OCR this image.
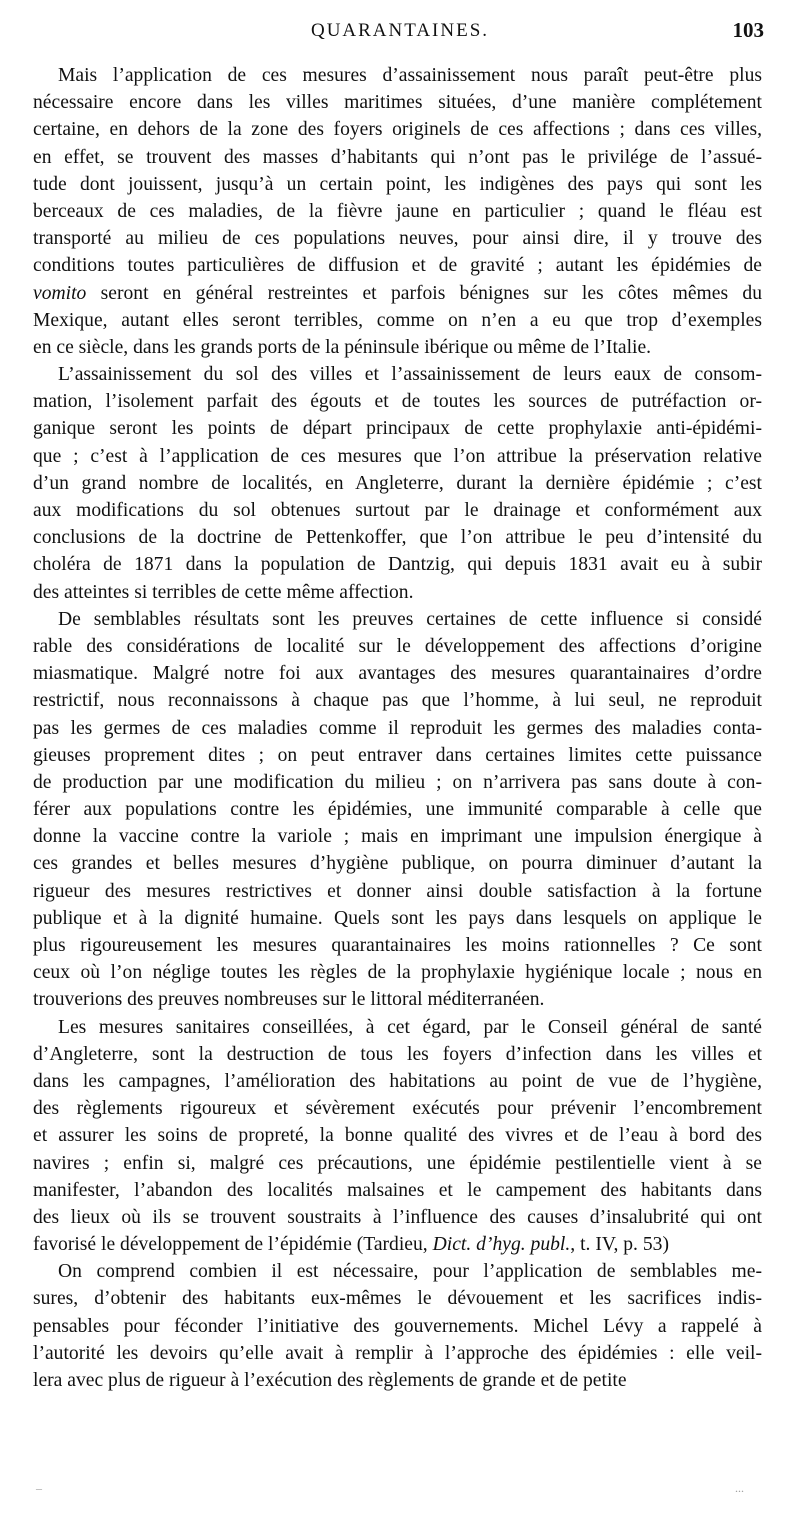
QUARANTAINES.	103
Mais l’application de ces mesures d’assainissement nous paraît peut-être plus
nécessaire encore dans les villes maritimes situées, d’une manière complétement
certaine, en dehors de la zone des foyers originels de ces affections ; dans ces villes,
en effet, se trouvent des masses d’habitants qui n’ont pas le privilége de l’assué-
tude dont jouissent, jusqu’à un certain point, les indigènes des pays qui sont les
berceaux de ces maladies, de la fièvre jaune en particulier ; quand le fléau est
transporté au milieu de ces populations neuves, pour ainsi dire, il y trouve des
conditions toutes particulières de diffusion et de gravité ; autant les épidémies de
vomito seront en général restreintes et parfois bénignes sur les côtes mêmes du
Mexique, autant elles seront terribles, comme on n’en a eu que trop d’exemples
en ce siècle, dans les grands ports de la péninsule ibérique ou même de l’Italie.
L’assainissement du sol des villes et l’assainissement de leurs eaux de consom-
mation, l’isolement parfait des égouts et de toutes les sources de putréfaction or-
ganique seront les points de départ principaux de cette prophylaxie anti-épidémi-
que ; c’est à l’application de ces mesures que l’on attribue la préservation relative
d’un grand nombre de localités, en Angleterre, durant la dernière épidémie ; c’est
aux modifications du sol obtenues surtout par le drainage et conformément aux
conclusions de la doctrine de Pettenkoffer, que l’on attribue le peu d’intensité du
choléra de 1871 dans la population de Dantzig, qui depuis 1831 avait eu à subir
des atteintes si terribles de cette même affection.
De semblables résultats sont les preuves certaines de cette influence si considé
rable des considérations de localité sur le développement des affections d’origine
miasmatique. Malgré notre foi aux avantages des mesures quarantainaires d’ordre
restrictif, nous reconnaissons à chaque pas que l’homme, à lui seul, ne reproduit
pas les germes de ces maladies comme il reproduit les germes des maladies conta-
gieuses proprement dites ; on peut entraver dans certaines limites cette puissance
de production par une modification du milieu ; on n’arrivera pas sans doute à con-
férer aux populations contre les épidémies, une immunité comparable à celle que
donne la vaccine contre la variole ; mais en imprimant une impulsion énergique à
ces grandes et belles mesures d’hygiène publique, on pourra diminuer d’autant la
rigueur des mesures restrictives et donner ainsi double satisfaction à la fortune
publique et à la dignité humaine. Quels sont les pays dans lesquels on applique le
plus rigoureusement les mesures quarantainaires les moins rationnelles ? Ce sont
ceux où l’on néglige toutes les règles de la prophylaxie hygiénique locale ; nous en
trouverions des preuves nombreuses sur le littoral méditerranéen.
Les mesures sanitaires conseillées, à cet égard, par le Conseil général de santé
d’Angleterre, sont la destruction de tous les foyers d’infection dans les villes et
dans les campagnes, l’amélioration des habitations au point de vue de l’hygiène,
des règlements rigoureux et sévèrement exécutés pour prévenir l’encombrement
et assurer les soins de propreté, la bonne qualité des vivres et de l’eau à bord des
navires ; enfin si, malgré ces précautions, une épidémie pestilentielle vient à se
manifester, l’abandon des localités malsaines et le campement des habitants dans
des lieux où ils se trouvent soustraits à l’influence des causes d’insalubrité qui ont
favorisé le développement de l’épidémie (Tardieu, Dict. d’hyg. publ., t. IV, p. 53)
On comprend combien il est nécessaire, pour l’application de semblables me-
sures, d’obtenir des habitants eux-mêmes le dévouement et les sacrifices indis-
pensables pour féconder l’initiative des gouvernements. Michel Lévy a rappelé à
l’autorité les devoirs qu’elle avait à remplir à l’approche des épidémies : elle veil-
lera avec plus de rigueur à l’exécution des règlements de grande et de petite
–	...
